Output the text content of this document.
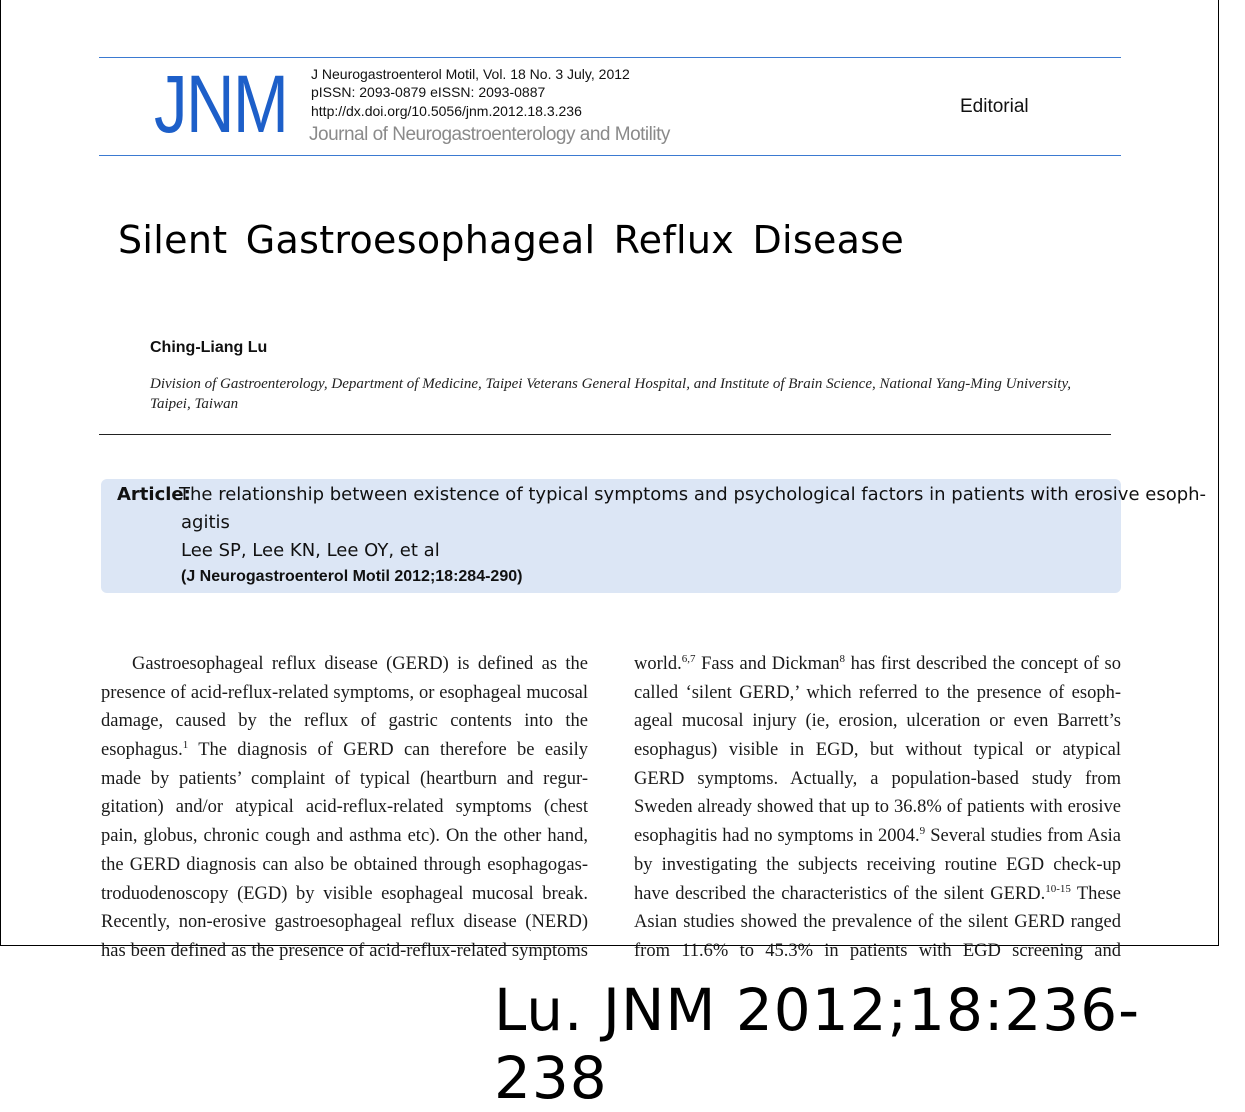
JNM J Neurogastroenterol Motil, Vol. 18 No. 3 July, 2012
pISSN: 2093-0879 eISSN: 2093-0887
http://dx.doi.org/10.5056/jnm.2012.18.3.236
Journal of Neurogastroenterology and Motility
Editorial
Silent Gastroesophageal Reflux Disease
Ching-Liang Lu
Division of Gastroenterology, Department of Medicine, Taipei Veterans General Hospital, and Institute of Brain Science, National Yang-Ming University, Taipei, Taiwan
Article:
The relationship between existence of typical symptoms and psychological factors in patients with erosive esoph-
agitis
Lee SP, Lee KN, Lee OY, et al
(J Neurogastroenterol Motil 2012;18:284-290)
Gastroesophageal reflux disease (GERD) is defined as the
presence of acid-reflux-related symptoms, or esophageal mucosal
damage, caused by the reflux of gastric contents into the
esophagus.$^1$ The diagnosis of GERD can therefore be easily
made by patients’ complaint of typical (heartburn and regur-
gitation) and/or atypical acid-reflux-related symptoms (chest
pain, globus, chronic cough and asthma etc). On the other hand,
the GERD diagnosis can also be obtained through esophagogas-
troduodenoscopy (EGD) by visible esophageal mucosal break.
Recently, non-erosive gastroesophageal reflux disease (NERD)
has been defined as the presence of acid-reflux-related symptoms
world.$^{6,7}$ Fass and Dickman$^8$ has first described the concept of so
called ‘silent GERD,’ which referred to the presence of esoph-
ageal mucosal injury (ie, erosion, ulceration or even Barrett’s
esophagus) visible in EGD, but without typical or atypical
GERD symptoms. Actually, a population-based study from
Sweden already showed that up to 36.8% of patients with erosive
esophagitis had no symptoms in 2004.$^9$ Several studies from Asia
by investigating the subjects receiving routine EGD check-up
have described the characteristics of the silent GERD.$^{10-15}$ These
Asian studies showed the prevalence of the silent GERD ranged
from 11.6% to 45.3% in patients with EGD screening and
Lu. JNM 2012;18:236-238
